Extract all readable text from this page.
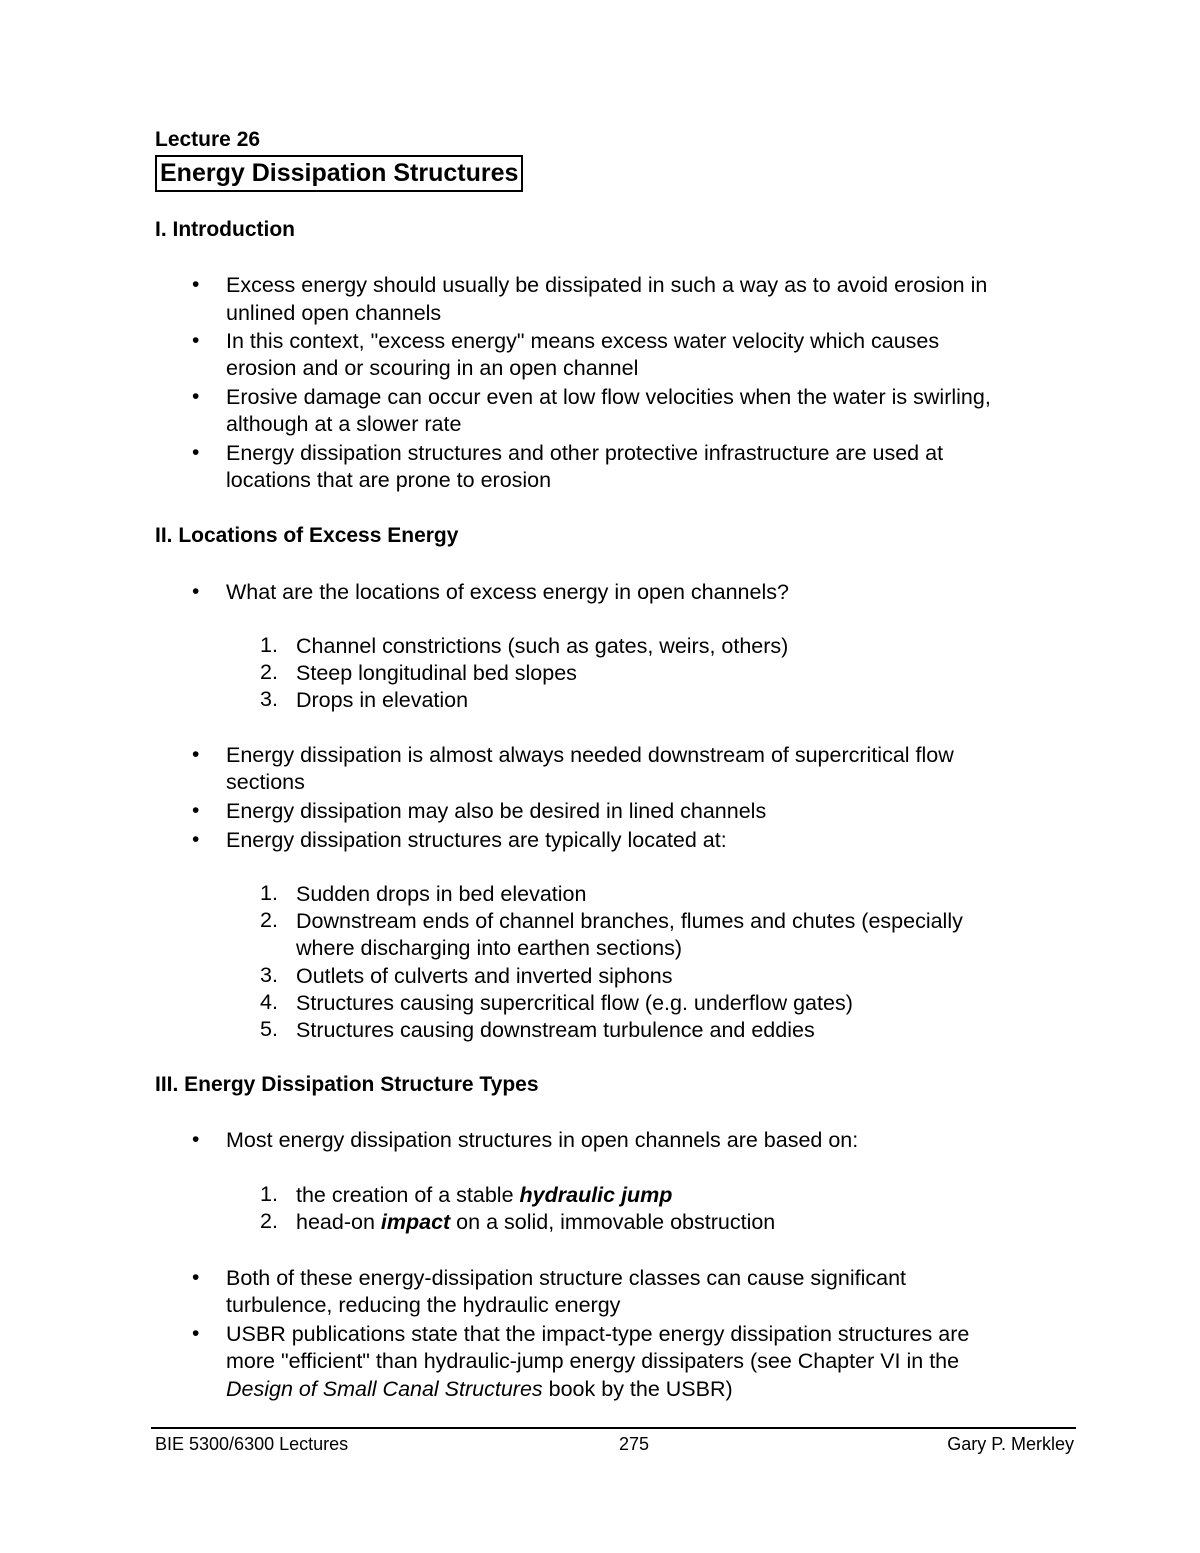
Lecture 26
Energy Dissipation Structures
I. Introduction
• Excess energy should usually be dissipated in such a way as to avoid erosion in
unlined open channels
• In this context, "excess energy" means excess water velocity which causes
erosion and or scouring in an open channel
• Erosive damage can occur even at low flow velocities when the water is swirling,
although at a slower rate
• Energy dissipation structures and other protective infrastructure are used at
locations that are prone to erosion
II. Locations of Excess Energy
• What are the locations of excess energy in open channels?
1. Channel constrictions (such as gates, weirs, others)
2. Steep longitudinal bed slopes
3. Drops in elevation
• Energy dissipation is almost always needed downstream of supercritical flow
sections
• Energy dissipation may also be desired in lined channels
• Energy dissipation structures are typically located at:
1. Sudden drops in bed elevation
2. Downstream ends of channel branches, flumes and chutes (especially
where discharging into earthen sections)
3. Outlets of culverts and inverted siphons
4. Structures causing supercritical flow (e.g. underflow gates)
5. Structures causing downstream turbulence and eddies
III. Energy Dissipation Structure Types
• Most energy dissipation structures in open channels are based on:
1. the creation of a stable hydraulic jump
2. head-on impact on a solid, immovable obstruction
• Both of these energy-dissipation structure classes can cause significant
turbulence, reducing the hydraulic energy
• USBR publications state that the impact-type energy dissipation structures are
more "efficient" than hydraulic-jump energy dissipaters (see Chapter VI in the
Design of Small Canal Structures book by the USBR)
BIE 5300/6300 Lectures	275	Gary P. Merkley
